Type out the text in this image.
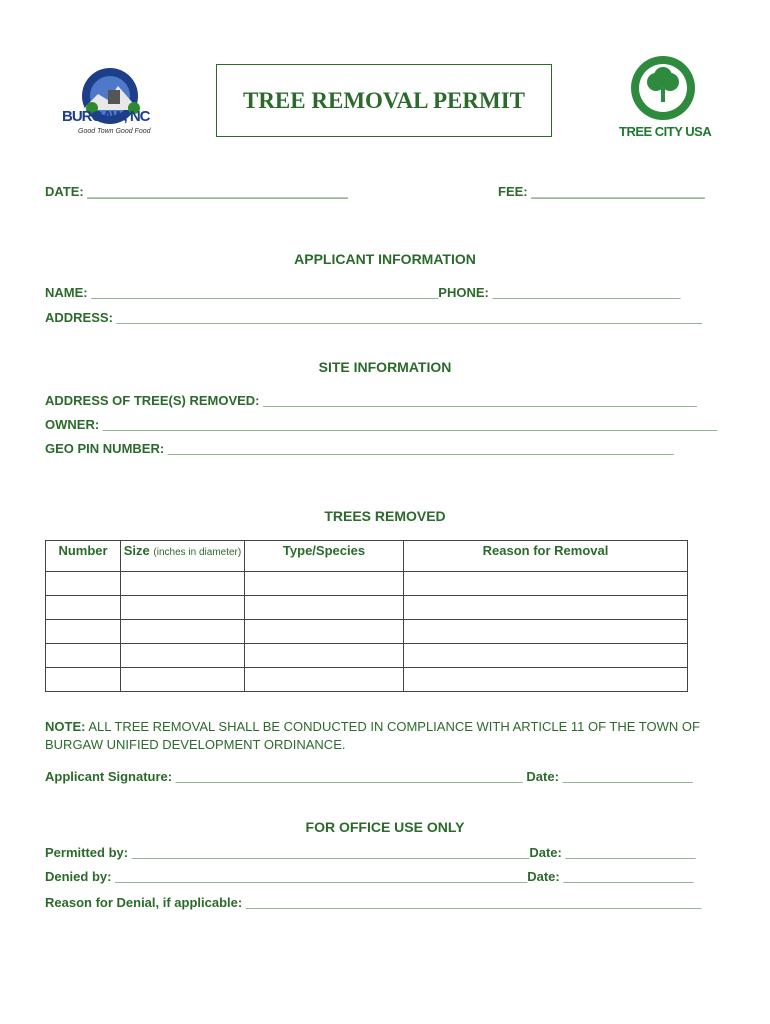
BURGAW, NC
Good Town Good Food
TREE REMOVAL PERMIT
TREE CITY USA
DATE: ____________________________________	FEE: ________________________
APPLICANT INFORMATION
NAME: ________________________________________________PHONE: __________________________
ADDRESS: _________________________________________________________________________________
SITE INFORMATION
ADDRESS OF TREE(S) REMOVED: ____________________________________________________________
OWNER: _____________________________________________________________________________________
GEO PIN NUMBER: ______________________________________________________________________
TREES REMOVED
Number	Size (inches in diameter)	Type/Species	Reason for Removal

NOTE: ALL TREE REMOVAL SHALL BE CONDUCTED IN COMPLIANCE WITH ARTICLE 11 OF THE TOWN OF BURGAW UNIFIED DEVELOPMENT ORDINANCE.
Applicant Signature: ________________________________________________ Date: __________________
FOR OFFICE USE ONLY
Permitted by: _______________________________________________________Date: __________________
Denied by: _________________________________________________________Date: __________________
Reason for Denial, if applicable: _______________________________________________________________
